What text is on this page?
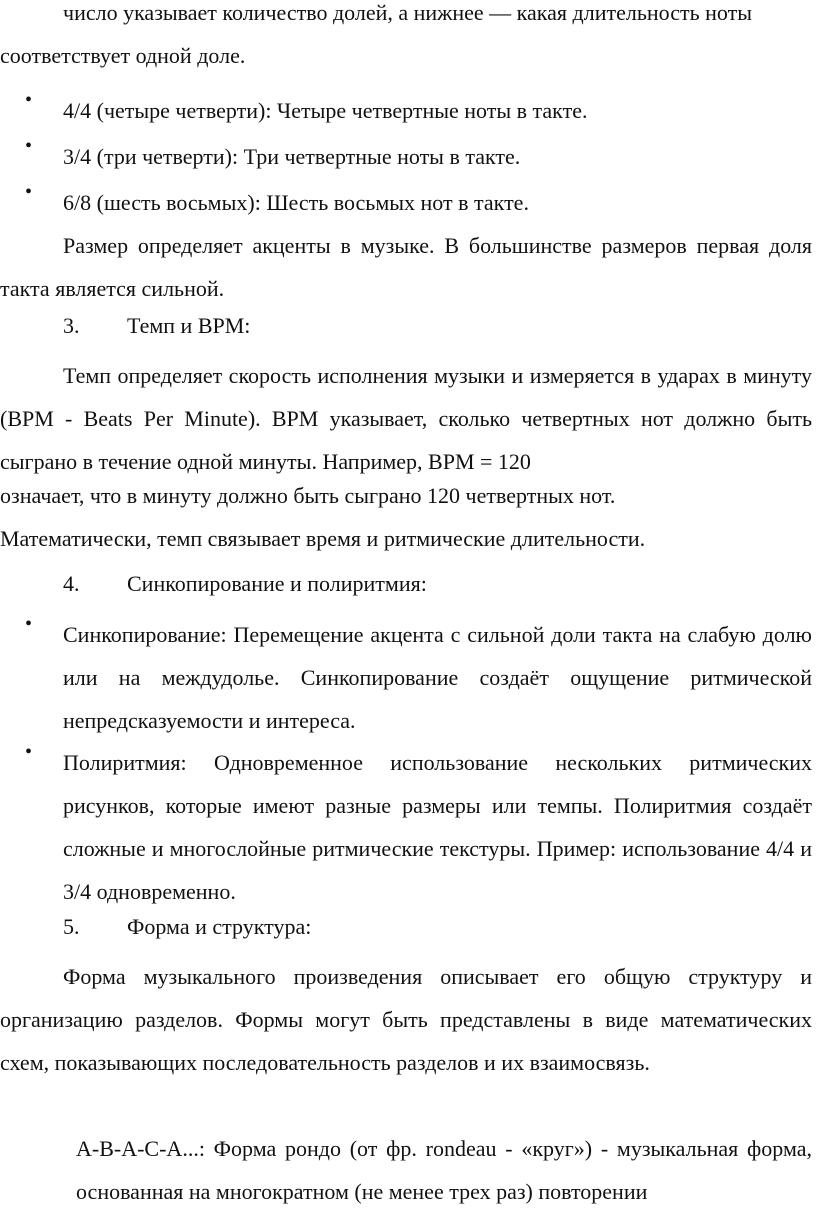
число указывает количество долей, а нижнее — какая длительность ноты
соответствует одной доле.
• 4/4 (четыре четверти): Четыре четвертные ноты в такте.
• 3/4 (три четверти): Три четвертные ноты в такте.
• 6/8 (шесть восьмых): Шесть восьмых нот в такте.
Размер определяет акценты в музыке. В большинстве размеров первая доля такта является сильной.
3. Темп и BPM:
Темп определяет скорость исполнения музыки и измеряется в ударах в минуту (BPM - Beats Per Minute). BPM указывает, сколько четвертных нот должно быть сыграно в течение одной минуты. Например, BPM = 120
означает, что в минуту должно быть сыграно 120 четвертных нот.
Математически, темп связывает время и ритмические длительности.
4. Синкопирование и полиритмия:
• Синкопирование: Перемещение акцента с сильной доли такта на слабую долю или на междудолье. Синкопирование создаёт ощущение ритмической непредсказуемости и интереса.
• Полиритмия: Одновременное использование нескольких ритмических рисунков, которые имеют разные размеры или темпы. Полиритмия создаёт сложные и многослойные ритмические текстуры. Пример: использование 4/4 и 3/4 одновременно.
5. Форма и структура:
Форма музыкального произведения описывает его общую структуру и организацию разделов. Формы могут быть представлены в виде математических схем, показывающих последовательность разделов и их взаимосвязь.
A-B-A-C-A...: Форма рондо (от фр. rondeau - «круг») - музыкальная форма, основанная на многократном (не менее трех раз) повторении
